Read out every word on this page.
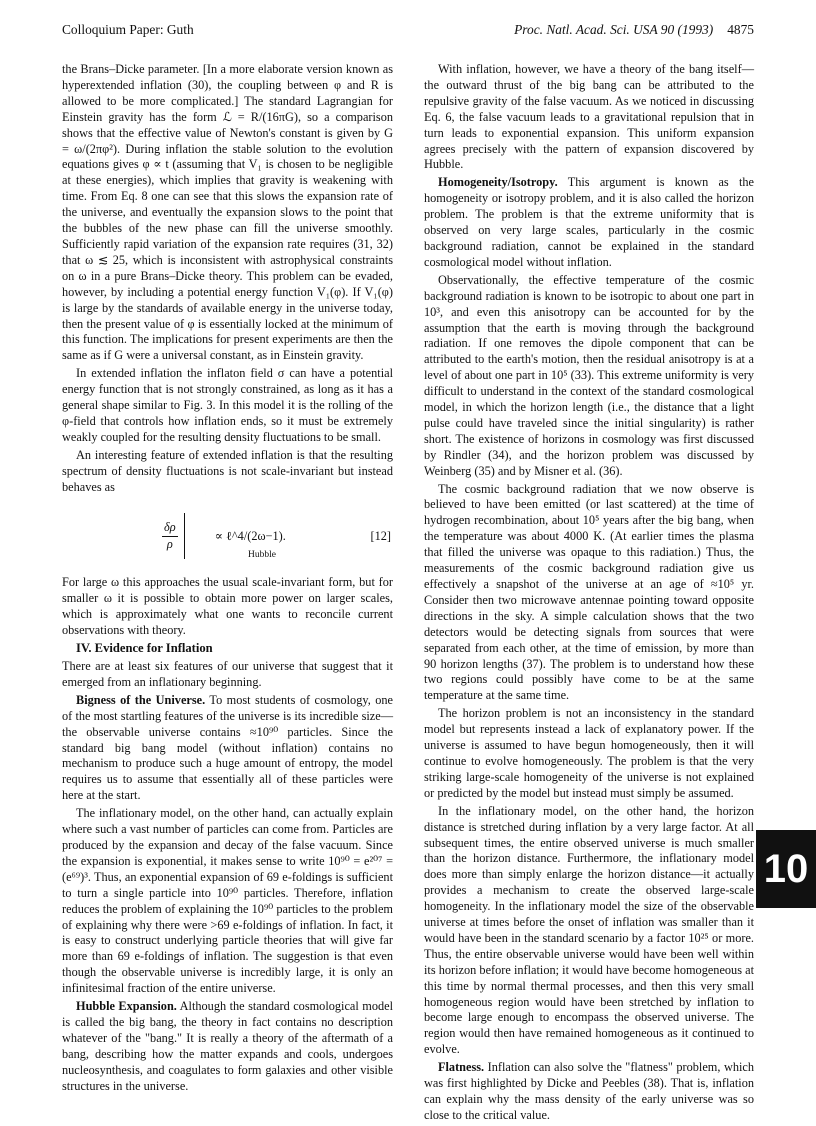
Colloquium Paper: Guth	Proc. Natl. Acad. Sci. USA 90 (1993) 4875

the Brans–Dicke parameter. [In a more elaborate version known as hyperextended inflation (30), the coupling between φ and R is allowed to be more complicated.] The standard Lagrangian for Einstein gravity has the form ℒ = R/(16πG), so a comparison shows that the effective value of Newton's constant is given by G = ω/(2πφ²). During inflation the stable solution to the evolution equations gives φ ∝ t (assuming that V₁ is chosen to be negligible at these energies), which implies that gravity is weakening with time. From Eq. 8 one can see that this slows the expansion rate of the universe, and eventually the expansion slows to the point that the bubbles of the new phase can fill the universe smoothly. Sufficiently rapid variation of the expansion rate requires (31, 32) that ω ≲ 25, which is inconsistent with astrophysical constraints on ω in a pure Brans–Dicke theory. This problem can be evaded, however, by including a potential energy function V₁(φ). If V₁(φ) is large by the standards of available energy in the universe today, then the present value of φ is essentially locked at the minimum of this function. The implications for present experiments are then the same as if G were a universal constant, as in Einstein gravity.

In extended inflation the inflaton field σ can have a potential energy function that is not strongly constrained, as long as it has a general shape similar to Fig. 3. In this model it is the rolling of the φ-field that controls how inflation ends, so it must be extremely weakly coupled for the resulting density fluctuations to be small.

An interesting feature of extended inflation is that the resulting spectrum of density fluctuations is not scale-invariant but instead behaves as

$\frac{\delta\rho}{\rho}$
Hubble
∝ ℓ^4/(2ω−1).	[12]

For large ω this approaches the usual scale-invariant form, but for smaller ω it is possible to obtain more power on larger scales, which is approximately what one wants to reconcile current observations with theory.

IV. Evidence for Inflation

There are at least six features of our universe that suggest that it emerged from an inflationary beginning.

Bigness of the Universe. To most students of cosmology, one of the most startling features of the universe is its incredible size—the observable universe contains ≈10⁹⁰ particles. Since the standard big bang model (without inflation) contains no mechanism to produce such a huge amount of entropy, the model requires us to assume that essentially all of these particles were here at the start.

The inflationary model, on the other hand, can actually explain where such a vast number of particles can come from. Particles are produced by the expansion and decay of the false vacuum. Since the expansion is exponential, it makes sense to write 10⁹⁰ = e²⁰⁷ = (e⁶⁹)³. Thus, an exponential expansion of 69 e-foldings is sufficient to turn a single particle into 10⁹⁰ particles. Therefore, inflation reduces the problem of explaining the 10⁹⁰ particles to the problem of explaining why there were >69 e-foldings of inflation. In fact, it is easy to construct underlying particle theories that will give far more than 69 e-foldings of inflation. The suggestion is that even though the observable universe is incredibly large, it is only an infinitesimal fraction of the entire universe.

Hubble Expansion. Although the standard cosmological model is called the big bang, the theory in fact contains no description whatever of the "bang." It is really a theory of the aftermath of a bang, describing how the matter expands and cools, undergoes nucleosynthesis, and coagulates to form galaxies and other visible structures in the universe.

With inflation, however, we have a theory of the bang itself—the outward thrust of the big bang can be attributed to the repulsive gravity of the false vacuum. As we noticed in discussing Eq. 6, the false vacuum leads to a gravitational repulsion that in turn leads to exponential expansion. This uniform expansion agrees precisely with the pattern of expansion discovered by Hubble.

Homogeneity/Isotropy. This argument is known as the homogeneity or isotropy problem, and it is also called the horizon problem. The problem is that the extreme uniformity that is observed on very large scales, particularly in the cosmic background radiation, cannot be explained in the standard cosmological model without inflation.

Observationally, the effective temperature of the cosmic background radiation is known to be isotropic to about one part in 10³, and even this anisotropy can be accounted for by the assumption that the earth is moving through the background radiation. If one removes the dipole component that can be attributed to the earth's motion, then the residual anisotropy is at a level of about one part in 10⁵ (33). This extreme uniformity is very difficult to understand in the context of the standard cosmological model, in which the horizon length (i.e., the distance that a light pulse could have traveled since the initial singularity) is rather short. The existence of horizons in cosmology was first discussed by Rindler (34), and the horizon problem was discussed by Weinberg (35) and by Misner et al. (36).

The cosmic background radiation that we now observe is believed to have been emitted (or last scattered) at the time of hydrogen recombination, about 10⁵ years after the big bang, when the temperature was about 4000 K. (At earlier times the plasma that filled the universe was opaque to this radiation.) Thus, the measurements of the cosmic background radiation give us effectively a snapshot of the universe at an age of ≈10⁵ yr. Consider then two microwave antennae pointing toward opposite directions in the sky. A simple calculation shows that the two detectors would be detecting signals from sources that were separated from each other, at the time of emission, by more than 90 horizon lengths (37). The problem is to understand how these two regions could possibly have come to be at the same temperature at the same time.

The horizon problem is not an inconsistency in the standard model but represents instead a lack of explanatory power. If the universe is assumed to have begun homogeneously, then it will continue to evolve homogeneously. The problem is that the very striking large-scale homogeneity of the universe is not explained or predicted by the model but instead must simply be assumed.

In the inflationary model, on the other hand, the horizon distance is stretched during inflation by a very large factor. At all subsequent times, the entire observed universe is much smaller than the horizon distance. Furthermore, the inflationary model does more than simply enlarge the horizon distance—it actually provides a mechanism to create the observed large-scale homogeneity. In the inflationary model the size of the observable universe at times before the onset of inflation was smaller than it would have been in the standard scenario by a factor 10²⁵ or more. Thus, the entire observable universe would have been well within its horizon before inflation; it would have become homogeneous at this time by normal thermal processes, and then this very small homogeneous region would have been stretched by inflation to become large enough to encompass the observed universe. The region would then have remained homogeneous as it continued to evolve.

Flatness. Inflation can also solve the "flatness" problem, which was first highlighted by Dicke and Peebles (38). That is, inflation can explain why the mass density of the early universe was so close to the critical value.

10
